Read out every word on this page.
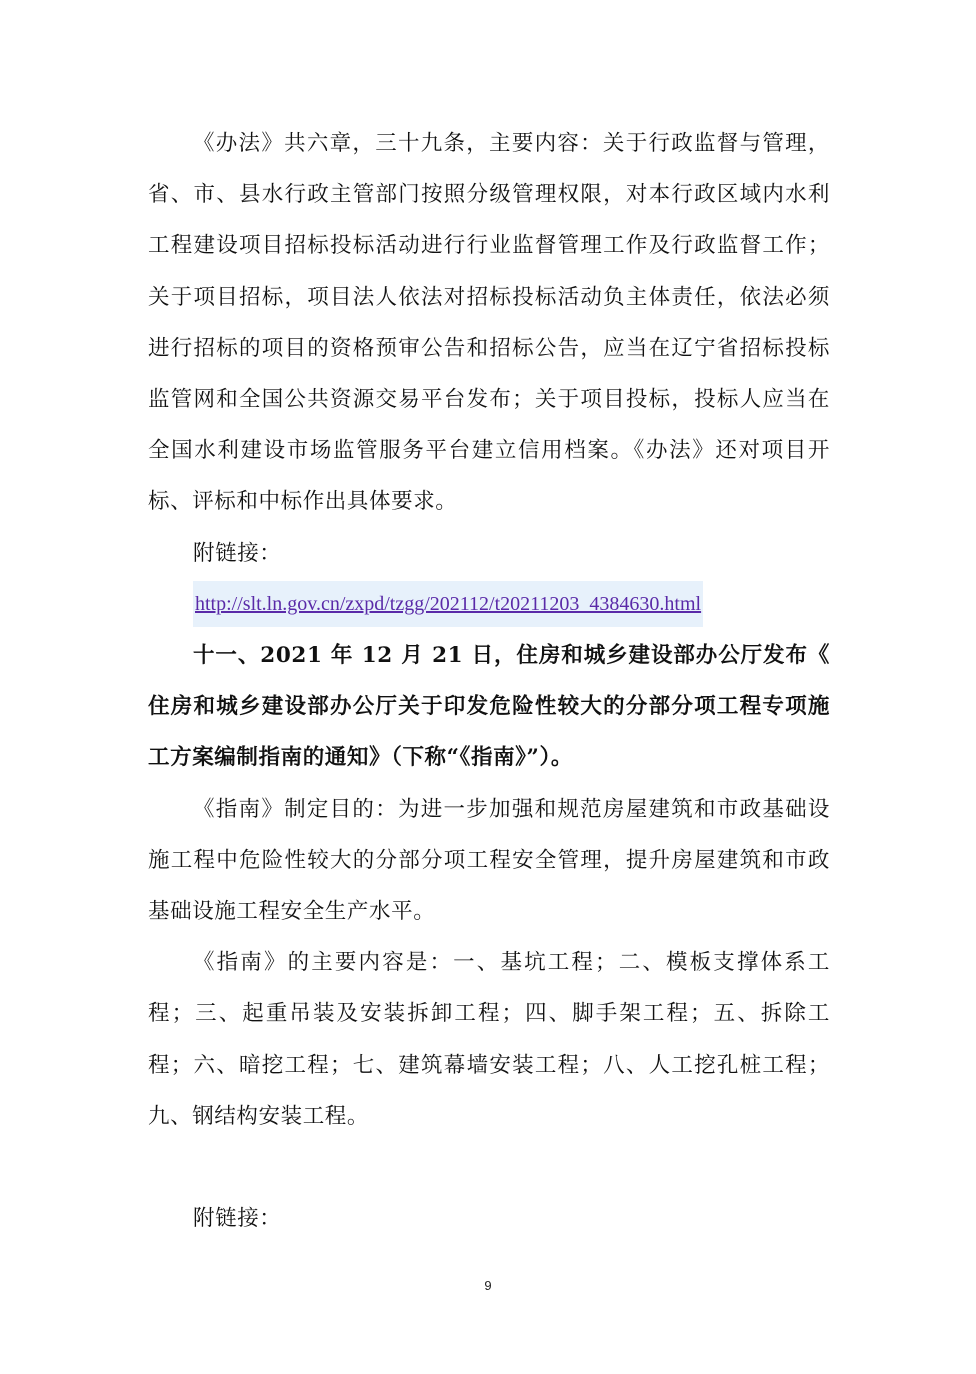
《办法》共六章，三十九条，主要内容：关于行政监督与管理，省、市、县水行政主管部门按照分级管理权限，对本行政区域内水利工程建设项目招标投标活动进行行业监督管理工作及行政监督工作；关于项目招标，项目法人依法对招标投标活动负主体责任，依法必须进行招标的项目的资格预审公告和招标公告，应当在辽宁省招标投标监管网和全国公共资源交易平台发布；关于项目投标，投标人应当在全国水利建设市场监管服务平台建立信用档案。《办法》还对项目开标、评标和中标作出具体要求。

附链接：

http://slt.ln.gov.cn/zxpd/tzgg/202112/t20211203_4384630.html

十一、2021 年 12 月 21 日，住房和城乡建设部办公厅发布《 住房和城乡建设部办公厅关于印发危险性较大的分部分项工程专项施工方案编制指南的通知》（下称“《指南》”）。

《指南》制定目的：为进一步加强和规范房屋建筑和市政基础设施工程中危险性较大的分部分项工程安全管理，提升房屋建筑和市政基础设施工程安全生产水平。

《指南》的主要内容是：一、基坑工程；二、模板支撑体系工程；三、起重吊装及安装拆卸工程；四、脚手架工程；五、拆除工程；六、暗挖工程；七、建筑幕墙安装工程；八、人工挖孔桩工程；九、钢结构安装工程。

附链接：

9
